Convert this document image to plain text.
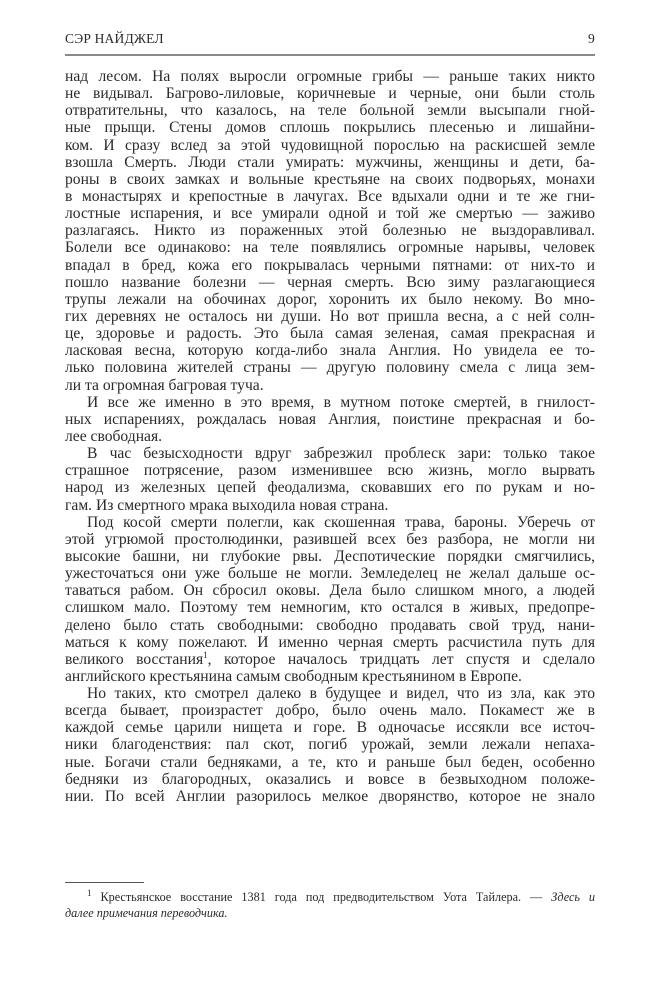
СЭР НАЙДЖЕЛ	9
над лесом. На полях выросли огромные грибы — раньше таких никто
не видывал. Багрово-лиловые, коричневые и черные, они были столь
отвратительны, что казалось, на теле больной земли высыпали гной-
ные прыщи. Стены домов сплошь покрылись плесенью и лишайни-
ком. И сразу вслед за этой чудовищной порослью на раскисшей земле
взошла Смерть. Люди стали умирать: мужчины, женщины и дети, ба-
роны в своих замках и вольные крестьяне на своих подворьях, монахи
в монастырях и крепостные в лачугах. Все вдыхали одни и те же гни-
лостные испарения, и все умирали одной и той же смертью — заживо
разлагаясь. Никто из пораженных этой болезнью не выздоравливал.
Болели все одинаково: на теле появлялись огромные нарывы, человек
впадал в бред, кожа его покрывалась черными пятнами: от них-то и
пошло название болезни — черная смерть. Всю зиму разлагающиеся
трупы лежали на обочинах дорог, хоронить их было некому. Во мно-
гих деревнях не осталось ни души. Но вот пришла весна, а с ней солн-
це, здоровье и радость. Это была самая зеленая, самая прекрасная и
ласковая весна, которую когда-либо знала Англия. Но увидела ее то-
лько половина жителей страны — другую половину смела с лица зем-
ли та огромная багровая туча.
И все же именно в это время, в мутном потоке смертей, в гнилост-
ных испарениях, рождалась новая Англия, поистине прекрасная и бо-
лее свободная.
В час безысходности вдруг забрезжил проблеск зари: только такое
страшное потрясение, разом изменившее всю жизнь, могло вырвать
народ из железных цепей феодализма, сковавших его по рукам и но-
гам. Из смертного мрака выходила новая страна.
Под косой смерти полегли, как скошенная трава, бароны. Уберечь от
этой угрюмой простолюдинки, разившей всех без разбора, не могли ни
высокие башни, ни глубокие рвы. Деспотические порядки смягчились,
ужесточаться они уже больше не могли. Земледелец не желал дальше ос-
таваться рабом. Он сбросил оковы. Дела было слишком много, а людей
слишком мало. Поэтому тем немногим, кто остался в живых, предопре-
делено было стать свободными: свободно продавать свой труд, нани-
маться к кому пожелают. И именно черная смерть расчистила путь для
великого восстания$^1$, которое началось тридцать лет спустя и сделало
английского крестьянина самым свободным крестьянином в Европе.
Но таких, кто смотрел далеко в будущее и видел, что из зла, как это
всегда бывает, произрастет добро, было очень мало. Покамест же в
каждой семье царили нищета и горе. В одночасье иссякли все источ-
ники благоденствия: пал скот, погиб урожай, земли лежали непаха-
ные. Богачи стали бедняками, а те, кто и раньше был беден, особенно
бедняки из благородных, оказались и вовсе в безвыходном положе-
нии. По всей Англии разорилось мелкое дворянство, которое не знало
$^1$ Крестьянское восстание 1381 года под предводительством Уота Тайлера. — Здесь и
далее примечания переводчика.
